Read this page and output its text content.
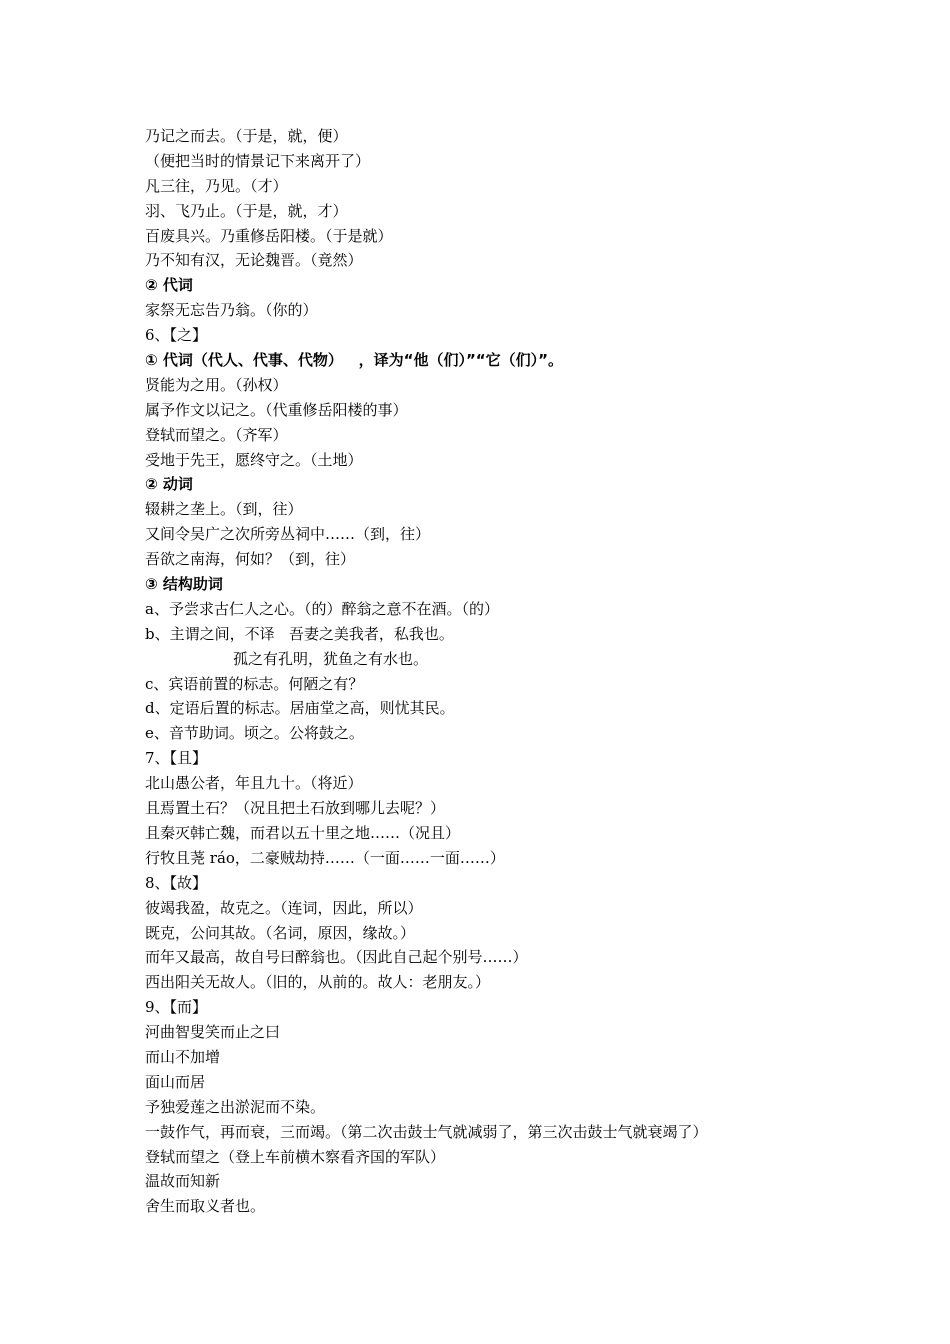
乃记之而去。（于是，就，便）
（便把当时的情景记下来离开了）
凡三往，乃见。（才）
羽、飞乃止。（于是，就，才）
百废具兴。乃重修岳阳楼。（于是就）
乃不知有汉，无论魏晋。（竟然）
② 代词
家祭无忘告乃翁。（你的）
6、【之】
① 代词（代人、代事、代物）   ，译为“他（们）”“它（们）”。
贤能为之用。（孙权）
属予作文以记之。（代重修岳阳楼的事）
登轼而望之。（齐军）
受地于先王，愿终守之。（土地）
② 动词
辍耕之垄上。（到，往）
又间令吴广之次所旁丛祠中……（到，往）
吾欲之南海，何如？（到，往）
③ 结构助词
a、予尝求古仁人之心。（的）醉翁之意不在酒。（的）
b、主谓之间，不译   吾妻之美我者，私我也。
孤之有孔明，犹鱼之有水也。
c、宾语前置的标志。何陋之有？
d、定语后置的标志。居庙堂之高，则忧其民。
e、音节助词。顷之。公将鼓之。
7、【且】
北山愚公者，年且九十。（将近）
且焉置土石？（况且把土石放到哪儿去呢？）
且秦灭韩亡魏，而君以五十里之地……（况且）
行牧且荛 ráo，二豪贼劫持……（一面……一面……）
8、【故】
彼竭我盈，故克之。（连词，因此，所以）
既克，公问其故。（名词，原因，缘故。）
而年又最高，故自号曰醉翁也。（因此自己起个别号……）
西出阳关无故人。（旧的，从前的。故人：老朋友。）
9、【而】
河曲智叟笑而止之曰
而山不加增
面山而居
予独爱莲之出淤泥而不染。
一鼓作气，再而衰，三而竭。（第二次击鼓士气就减弱了，第三次击鼓士气就衰竭了）
登轼而望之（登上车前横木察看齐国的军队）
温故而知新
舍生而取义者也。
